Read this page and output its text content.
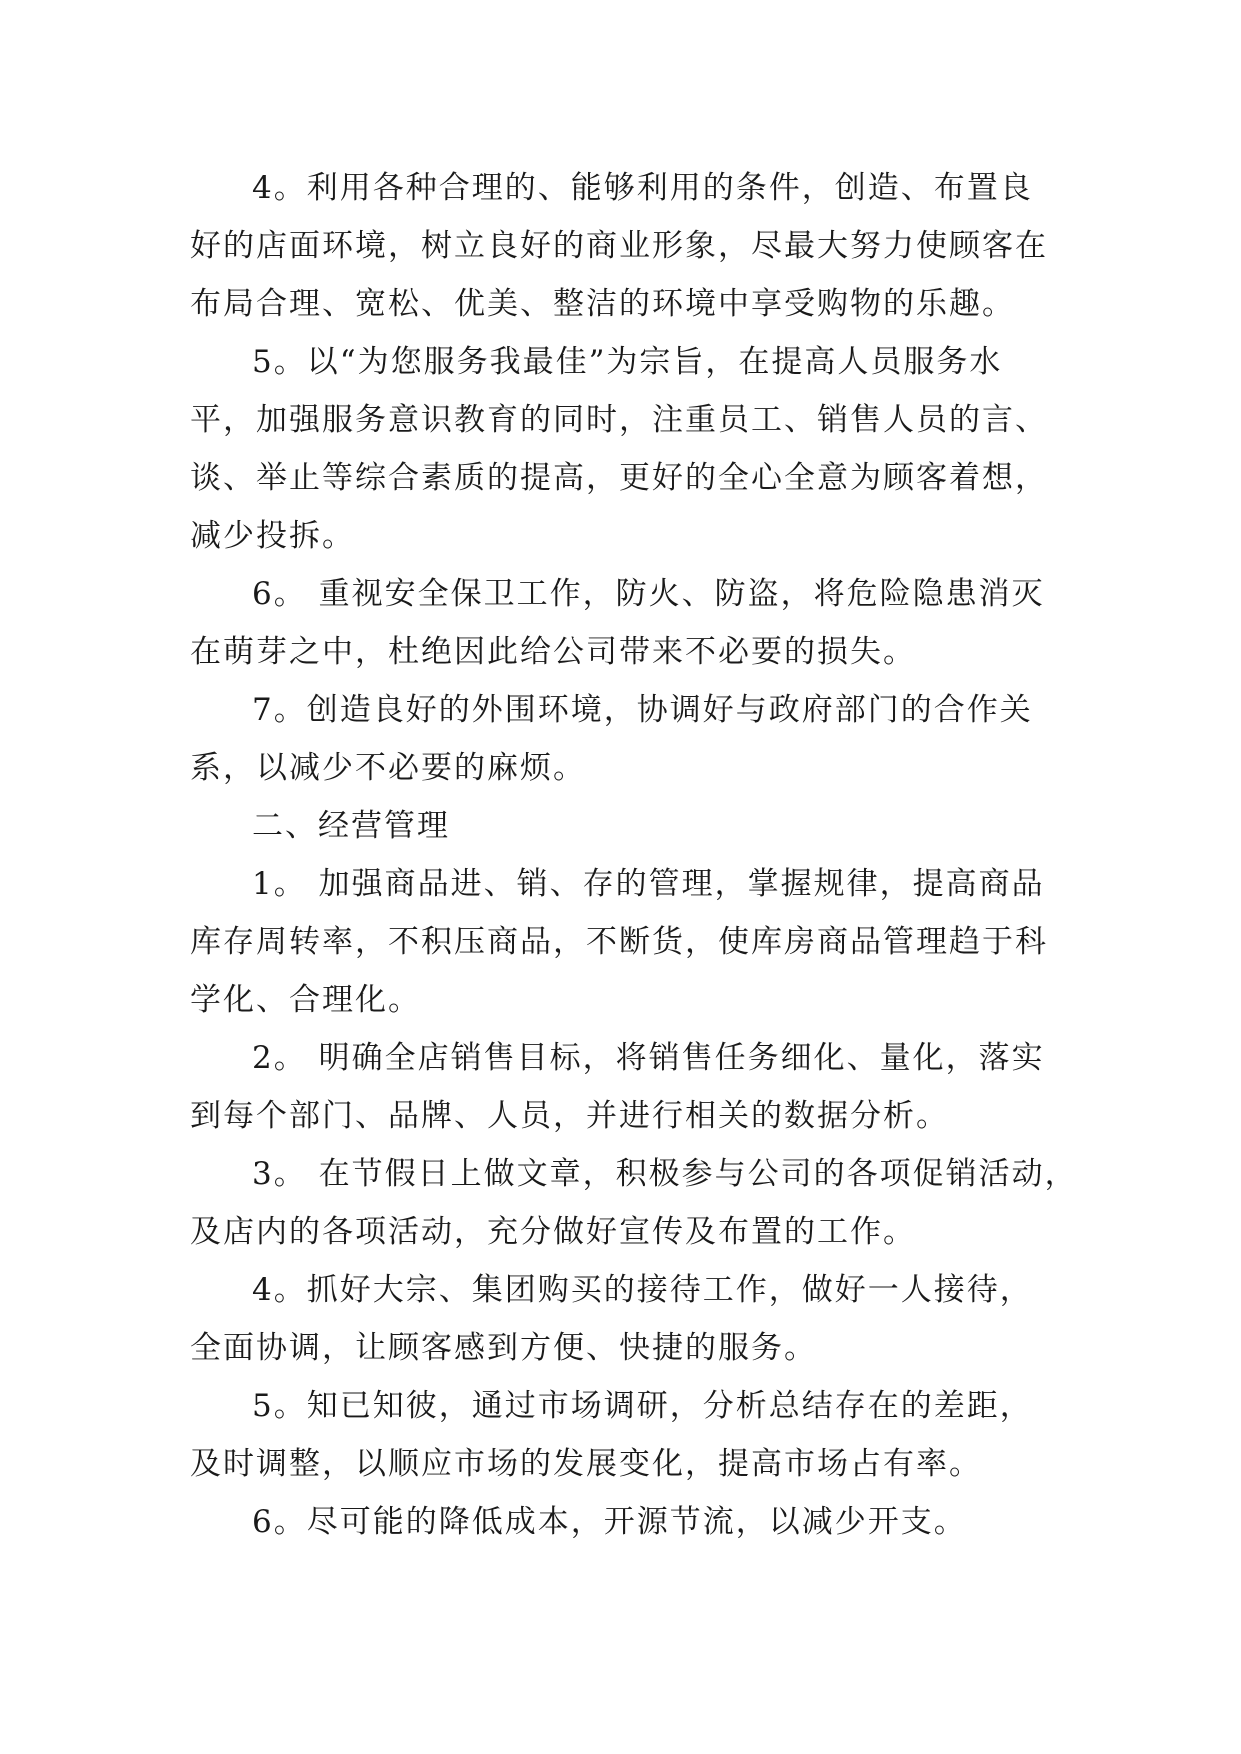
4。利用各种合理的、能够利用的条件，创造、布置良
好的店面环境，树立良好的商业形象，尽最大努力使顾客在
布局合理、宽松、优美、整洁的环境中享受购物的乐趣。

5。以“为您服务我最佳”为宗旨，在提高人员服务水
平，加强服务意识教育的同时，注重员工、销售人员的言、
谈、举止等综合素质的提高，更好的全心全意为顾客着想，
减少投拆。

6。 重视安全保卫工作，防火、防盗，将危险隐患消灭
在萌芽之中，杜绝因此给公司带来不必要的损失。

7。创造良好的外围环境，协调好与政府部门的合作关
系，以减少不必要的麻烦。

二、经营管理

1。 加强商品进、销、存的管理，掌握规律，提高商品
库存周转率，不积压商品，不断货，使库房商品管理趋于科
学化、合理化。

2。 明确全店销售目标，将销售任务细化、量化，落实
到每个部门、品牌、人员，并进行相关的数据分析。

3。 在节假日上做文章，积极参与公司的各项促销活动，
及店内的各项活动，充分做好宣传及布置的工作。

4。抓好大宗、集团购买的接待工作，做好一人接待，
全面协调，让顾客感到方便、快捷的服务。

5。知已知彼，通过市场调研，分析总结存在的差距，
及时调整，以顺应市场的发展变化，提高市场占有率。

6。尽可能的降低成本，开源节流，以减少开支。
